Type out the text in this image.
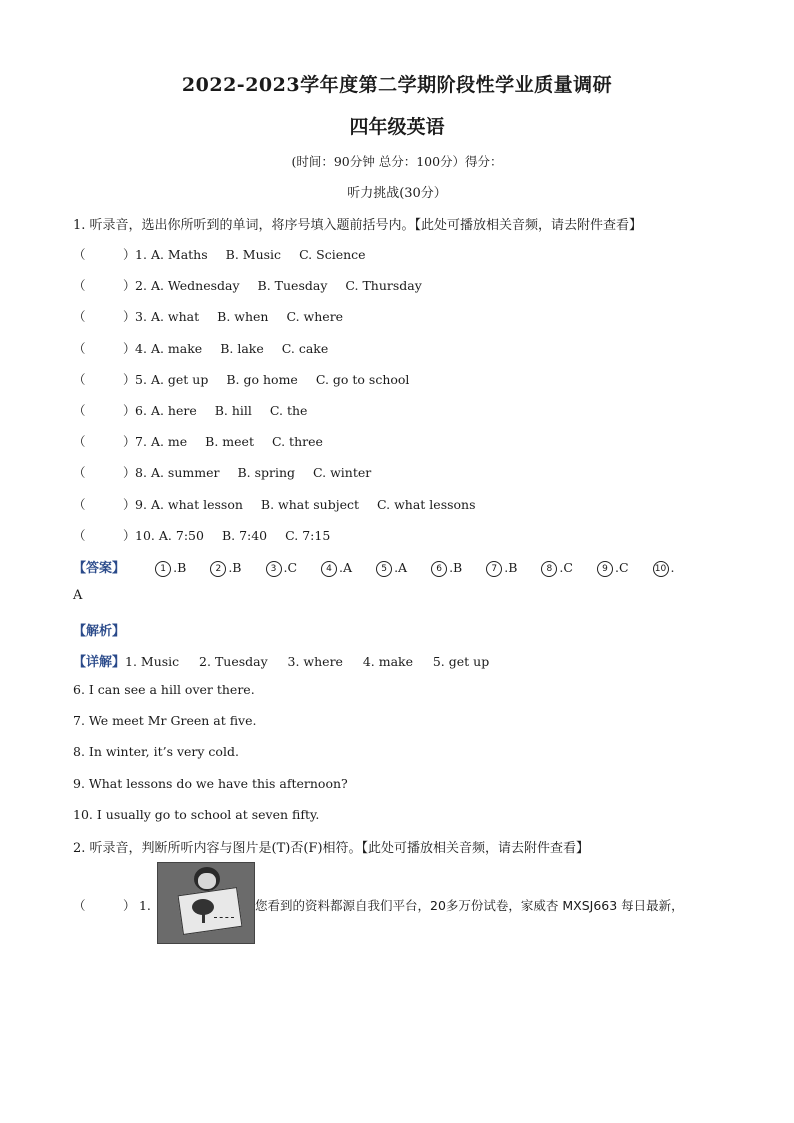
2022-2023学年度第二学期阶段性学业质量调研
四年级英语
(时间：90分钟 总分：100分）得分：
听力挑战(30分）
1. 听录音，选出你所听到的单词，将序号填入题前括号内。【此处可播放相关音频，请去附件查看】
（	）1. A. Maths B. Music C. Science
（	）2. A. Wednesday B. Tuesday C. Thursday
（	）3. A. what B. when C. where
（	）4. A. make B. lake C. cake
（	）5. A. get up B. go home C. go to school
（	）6. A. here B. hill C. the
（	）7. A. me B. meet C. three
（	）8. A. summer B. spring C. winter
（	）9. A. what lesson B. what subject C. what lessons
（	）10. A. 7:50 B. 7:40 C. 7:15
【答案】	1 .B	2 .B	3 .C	4 .A	5 .A	6 .B	7 .B	8 .C	9 .C	10 .
A
【解析】
【详解】1. Music     2. Tuesday     3. where     4. make     5. get up
6. I can see a hill over there.
7. We meet Mr Green at five.
8. In winter, it’s very cold.
9. What lessons do we have this afternoon?
10. I usually go to school at seven fifty.
2. 听录音，判断所听内容与图片是(T)否(F)相符。【此处可播放相关音频，请去附件查看】
（	） 1.	您看到的资料都源自我们平台，20多万份试卷，家威杏 MXSJ663 每日最新，
